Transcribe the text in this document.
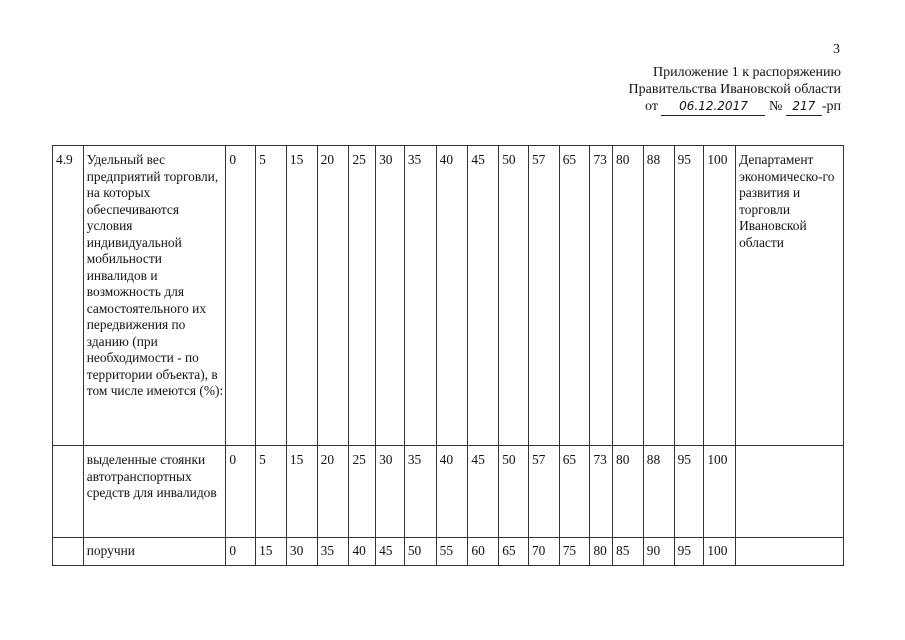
3
Приложение 1 к распоряжению
Правительства Ивановской области
от 06.12.2017 № 217 -рп
4.9	Удельный вес предприятий торговли, на которых обеспечиваются условия индивидуальной мобильности инвалидов и возможность для самостоятельного их передвижения по зданию (при необходимости - по территории объекта), в том числе имеются (%):	0	5	15	20	25	30	35	40	45	50	57	65	73	80	88	95	100	Департамент экономическо-го развития и торговли Ивановской области
	выделенные стоянки автотранспортных средств для инвалидов	0	5	15	20	25	30	35	40	45	50	57	65	73	80	88	95	100	
	поручни	0	15	30	35	40	45	50	55	60	65	70	75	80	85	90	95	100	
